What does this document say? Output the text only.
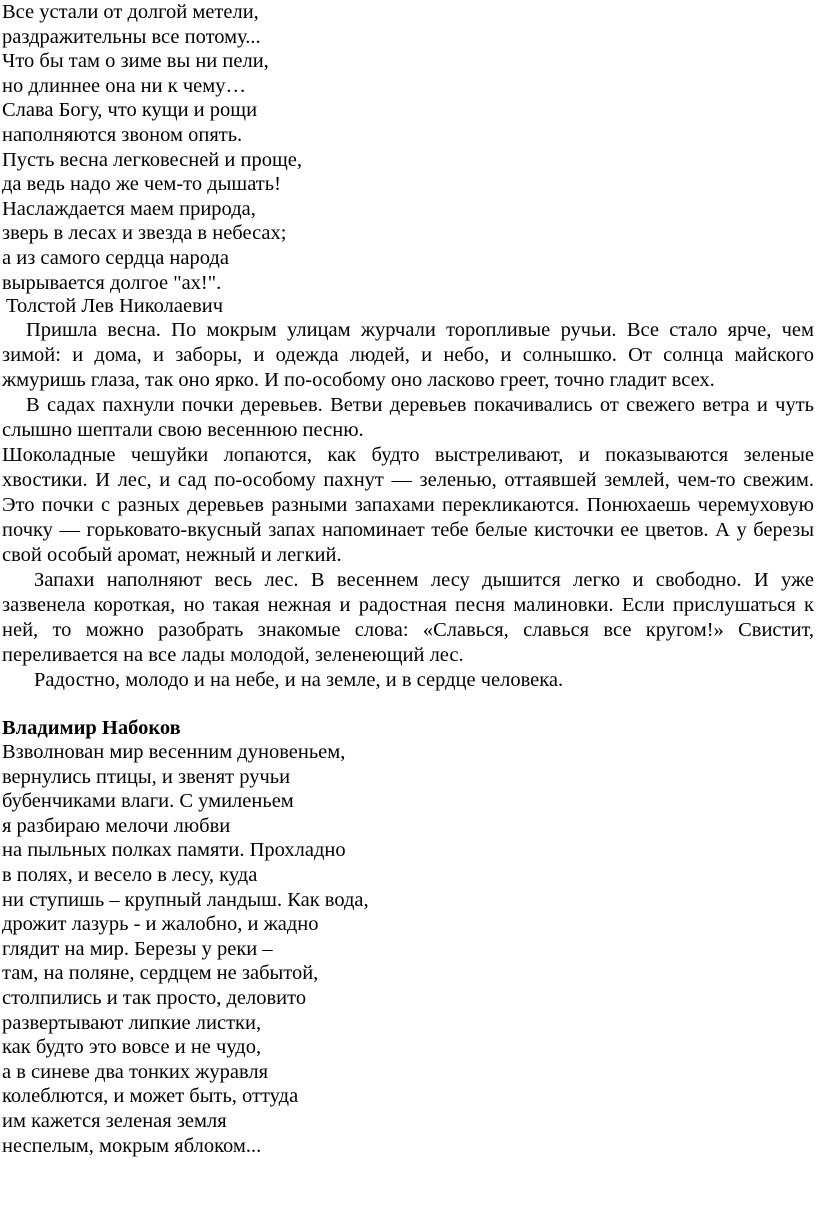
Все устали от долгой метели,
раздражительны все потому...
Что бы там о зиме вы ни пели,
но длиннее она ни к чему…
Слава Богу, что кущи и рощи
наполняются звоном опять.
Пусть весна легковесней и проще,
да ведь надо же чем-то дышать!
Наслаждается маем природа,
зверь в лесах и звезда в небесах;
а из самого сердца народа
вырывается долгое "ах!".
Толстой Лев Николаевич

Пришла весна. По мокрым улицам журчали торопливые ручьи. Все стало ярче, чем зимой: и дома, и заборы, и одежда людей, и небо, и солнышко. От солнца майского жмуришь глаза, так оно ярко. И по-особому оно ласково греет, точно гладит всех.

В садах пахнули почки деревьев. Ветви деревьев покачивались от свежего ветра и чуть слышно шептали свою весеннюю песню.

Шоколадные чешуйки лопаются, как будто выстреливают, и показываются зеленые хвостики. И лес, и сад по-особому пахнут — зеленью, оттаявшей землей, чем-то свежим. Это почки с разных деревьев разными запахами перекликаются. Понюхаешь черемуховую почку — горьковато-вкусный запах напоминает тебе белые кисточки ее цветов. А у березы свой особый аромат, нежный и легкий.

Запахи наполняют весь лес. В весеннем лесу дышится легко и свободно. И уже зазвенела короткая, но такая нежная и радостная песня малиновки. Если прислушаться к ней, то можно разобрать знакомые слова: «Славься, славься все кругом!» Свистит, переливается на все лады молодой, зеленеющий лес.

Радостно, молодо и на небе, и на земле, и в сердце человека.

Владимир Набоков
Взволнован мир весенним дуновеньем,
вернулись птицы, и звенят ручьи
бубенчиками влаги. С умиленьем
я разбираю мелочи любви
на пыльных полках памяти. Прохладно
в полях, и весело в лесу, куда
ни ступишь – крупный ландыш. Как вода,
дрожит лазурь - и жалобно, и жадно
глядит на мир. Березы у реки –
там, на поляне, сердцем не забытой,
столпились и так просто, деловито
развертывают липкие листки,
как будто это вовсе и не чудо,
а в синеве два тонких журавля
колеблются, и может быть, оттуда
им кажется зеленая земля
неспелым, мокрым яблоком...
